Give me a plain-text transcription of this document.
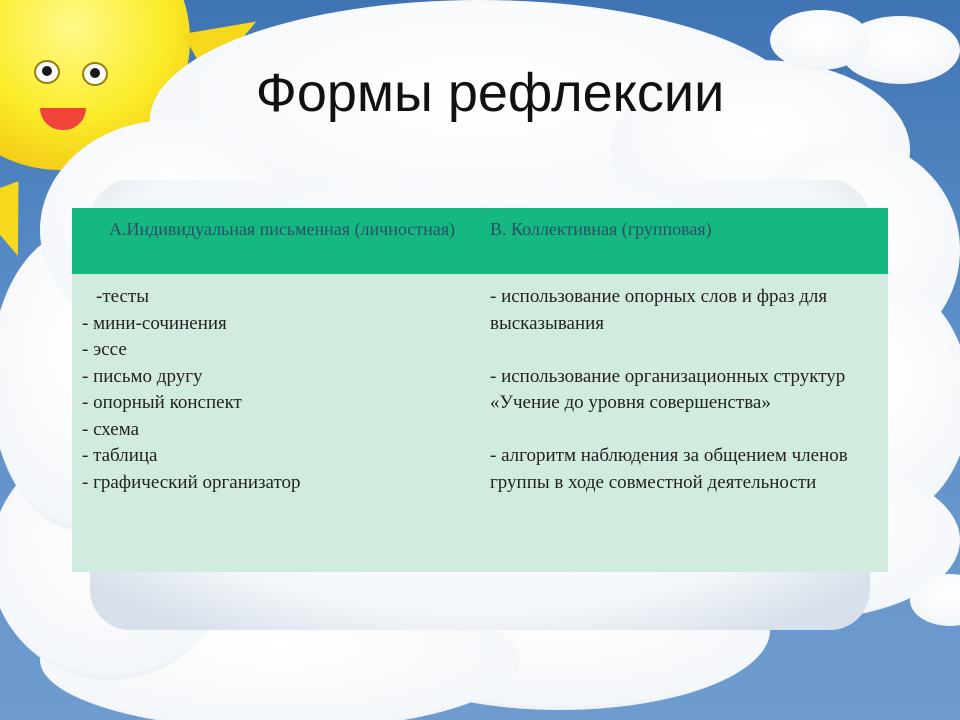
Формы рефлексии
А.Индивидуальная письменная (личностная)	В. Коллективная (групповая)
-тесты
- мини-сочинения
- эссе
- письмо другу
- опорный конспект
- схема
- таблица
- графический организатор
- использование опорных слов и фраз для высказывания
- использование организационных структур «Учение до уровня совершенства»
- алгоритм наблюдения за общением членов группы в ходе совместной деятельности
